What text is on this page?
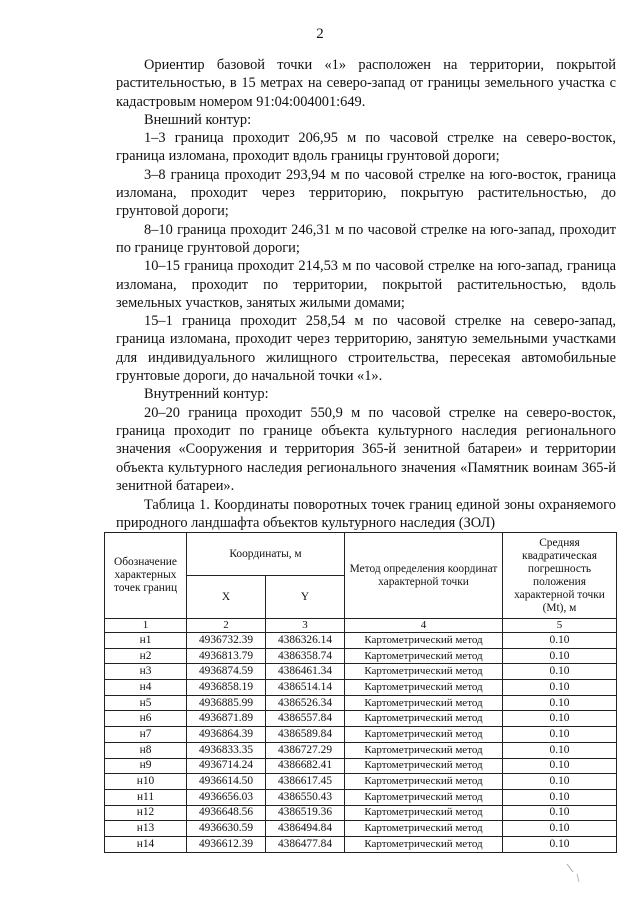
2

Ориентир базовой точки «1» расположен на территории, покрытой растительностью, в 15 метрах на северо-запад от границы земельного участка с кадастровым номером 91:04:004001:649.

Внешний контур:

1–3 граница проходит 206,95 м по часовой стрелке на северо-восток, граница изломана, проходит вдоль границы грунтовой дороги;

3–8 граница проходит 293,94 м по часовой стрелке на юго-восток, граница изломана, проходит через территорию, покрытую растительностью, до грунтовой дороги;

8–10 граница проходит 246,31 м по часовой стрелке на юго-запад, проходит по границе грунтовой дороги;

10–15 граница проходит 214,53 м по часовой стрелке на юго-запад, граница изломана, проходит по территории, покрытой растительностью, вдоль земельных участков, занятых жилыми домами;

15–1 граница проходит 258,54 м по часовой стрелке на северо-запад, граница изломана, проходит через территорию, занятую земельными участками для индивидуального жилищного строительства, пересекая автомобильные грунтовые дороги, до начальной точки «1».

Внутренний контур:

20–20 граница проходит 550,9 м по часовой стрелке на северо-восток, граница проходит по границе объекта культурного наследия регионального значения «Сооружения и территория 365-й зенитной батареи» и территории объекта культурного наследия регионального значения «Памятник воинам 365-й зенитной батареи».

Таблица 1. Координаты поворотных точек границ единой зоны охраняемого природного ландшафта объектов культурного наследия (ЗОЛ)

Обозначение характерных точек границ	Координаты, м		Метод определения координат характерной точки	Средняя квадратическая погрешность положения характерной точки (Mt), м
	X	Y		
1	2	3	4	5
н1	4936732.39	4386326.14	Картометрический метод	0.10
н2	4936813.79	4386358.74	Картометрический метод	0.10
н3	4936874.59	4386461.34	Картометрический метод	0.10
н4	4936858.19	4386514.14	Картометрический метод	0.10
н5	4936885.99	4386526.34	Картометрический метод	0.10
н6	4936871.89	4386557.84	Картометрический метод	0.10
н7	4936864.39	4386589.84	Картометрический метод	0.10
н8	4936833.35	4386727.29	Картометрический метод	0.10
н9	4936714.24	4386682.41	Картометрический метод	0.10
н10	4936614.50	4386617.45	Картометрический метод	0.10
н11	4936656.03	4386550.43	Картометрический метод	0.10
н12	4936648.56	4386519.36	Картометрический метод	0.10
н13	4936630.59	4386494.84	Картометрический метод	0.10
н14	4936612.39	4386477.84	Картометрический метод	0.10
